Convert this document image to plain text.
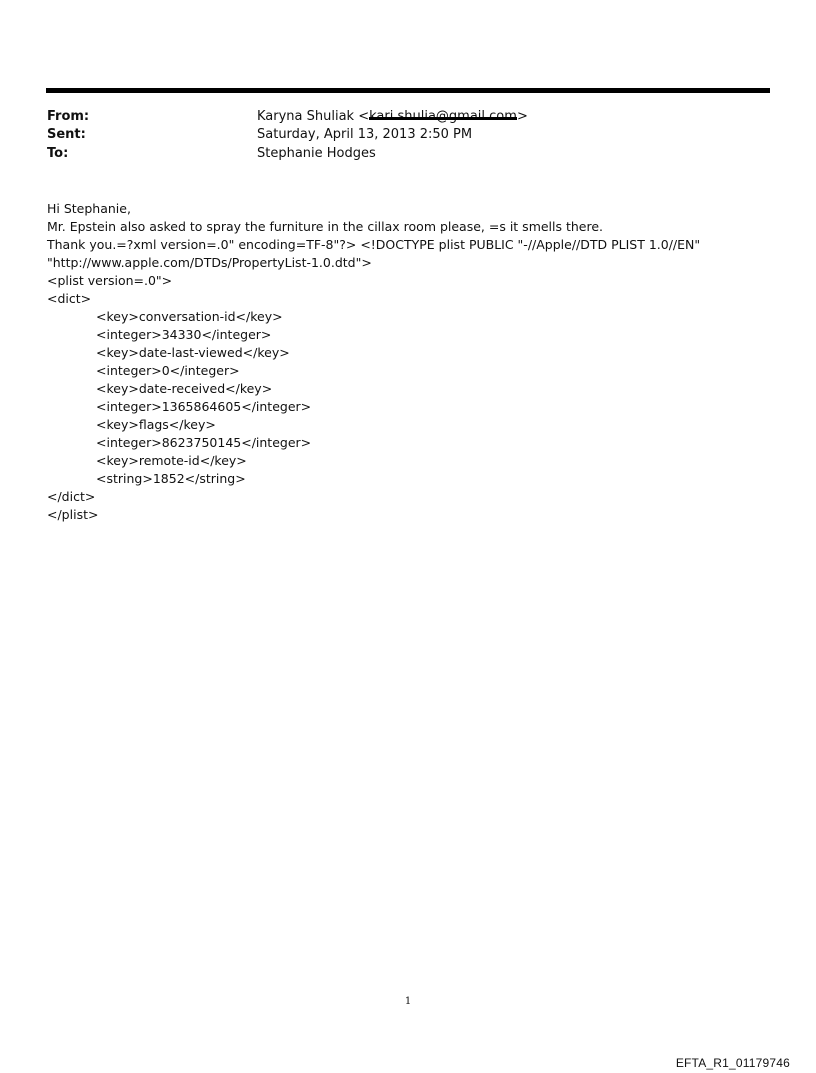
From:	Karyna Shuliak <	>
Sent:	Saturday, April 13, 2013 2:50 PM
To:	Stephanie Hodges
Hi Stephanie,
Mr. Epstein also asked to spray the furniture in the cillax room please, =s it smells there.
Thank you.=?xml version=.0" encoding=TF-8"?> <!DOCTYPE plist PUBLIC "-//Apple//DTD PLIST 1.0//EN"
"http://www.apple.com/DTDs/PropertyList-1.0.dtd">
<plist version=.0">
<dict>
<key>conversation-id</key>
<integer>34330</integer>
<key>date-last-viewed</key>
<integer>0</integer>
<key>date-received</key>
<integer>1365864605</integer>
<key>flags</key>
<integer>8623750145</integer>
<key>remote-id</key>
<string>1852</string>
</dict>
</plist>
1
EFTA_R1_01179746
